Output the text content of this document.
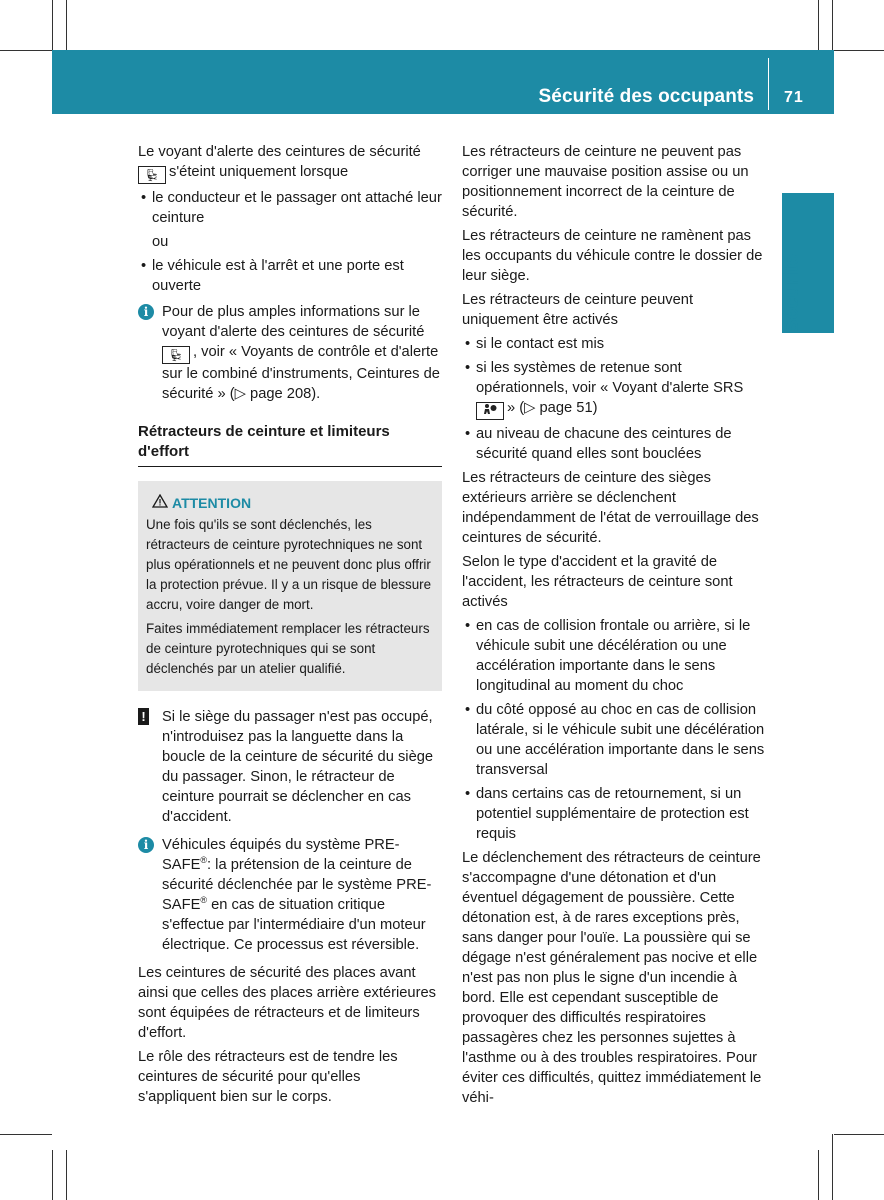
Sécurité des occupants 71
Sécurité

Le voyant d'alerte des ceintures de sécurité
💺︎ s'éteint uniquement lorsque

• le conducteur et le passager ont attaché leur ceinture
ou
• le véhicule est à l'arrêt et une porte est ouverte
i Pour de plus amples informations sur le voyant d'alerte des ceintures de sécurité 💺︎ , voir « Voyants de contrôle et d'alerte sur le combiné d'instruments, Ceintures de sécurité » (▷ page 208).
Rétracteurs de ceinture et limiteurs d'effort
ATTENTION

Une fois qu'ils se sont déclenchés, les rétracteurs de ceinture pyrotechniques ne sont plus opérationnels et ne peuvent donc plus offrir la protection prévue. Il y a un risque de blessure accru, voire danger de mort.

Faites immédiatement remplacer les rétracteurs de ceinture pyrotechniques qui se sont déclenchés par un atelier qualifié.

! Si le siège du passager n'est pas occupé, n'introduisez pas la languette dans la boucle de la ceinture de sécurité du siège du passager. Sinon, le rétracteur de ceinture pourrait se déclencher en cas d'accident.
i Véhicules équipés du système PRE-SAFE®: la prétension de la ceinture de sécurité déclenchée par le système PRE-SAFE® en cas de situation critique s'effectue par l'intermédiaire d'un moteur électrique. Ce processus est réversible.

Les ceintures de sécurité des places avant ainsi que celles des places arrière extérieures sont équipées de rétracteurs et de limiteurs d'effort.

Le rôle des rétracteurs est de tendre les ceintures de sécurité pour qu'elles s'appliquent bien sur le corps.

Les rétracteurs de ceinture ne peuvent pas corriger une mauvaise position assise ou un positionnement incorrect de la ceinture de sécurité.

Les rétracteurs de ceinture ne ramènent pas les occupants du véhicule contre le dossier de leur siège.

Les rétracteurs de ceinture peuvent uniquement être activés

• si le contact est mis
• si les systèmes de retenue sont opérationnels, voir « Voyant d'alerte SRS » (▷ page 51)
• au niveau de chacune des ceintures de sécurité quand elles sont bouclées

Les rétracteurs de ceinture des sièges extérieurs arrière se déclenchent indépendamment de l'état de verrouillage des ceintures de sécurité.

Selon le type d'accident et la gravité de l'accident, les rétracteurs de ceinture sont activés

• en cas de collision frontale ou arrière, si le véhicule subit une décélération ou une accélération importante dans le sens longitudinal au moment du choc
• du côté opposé au choc en cas de collision latérale, si le véhicule subit une décélération ou une accélération importante dans le sens transversal
• dans certains cas de retournement, si un potentiel supplémentaire de protection est requis

Le déclenchement des rétracteurs de ceinture s'accompagne d'une détonation et d'un éventuel dégagement de poussière. Cette détonation est, à de rares exceptions près, sans danger pour l'ouïe. La poussière qui se dégage n'est généralement pas nocive et elle n'est pas non plus le signe d'un incendie à bord. Elle est cependant susceptible de provoquer des difficultés respiratoires passagères chez les personnes sujettes à l'asthme ou à des troubles respiratoires. Pour éviter ces difficultés, quittez immédiatement le véhi-
